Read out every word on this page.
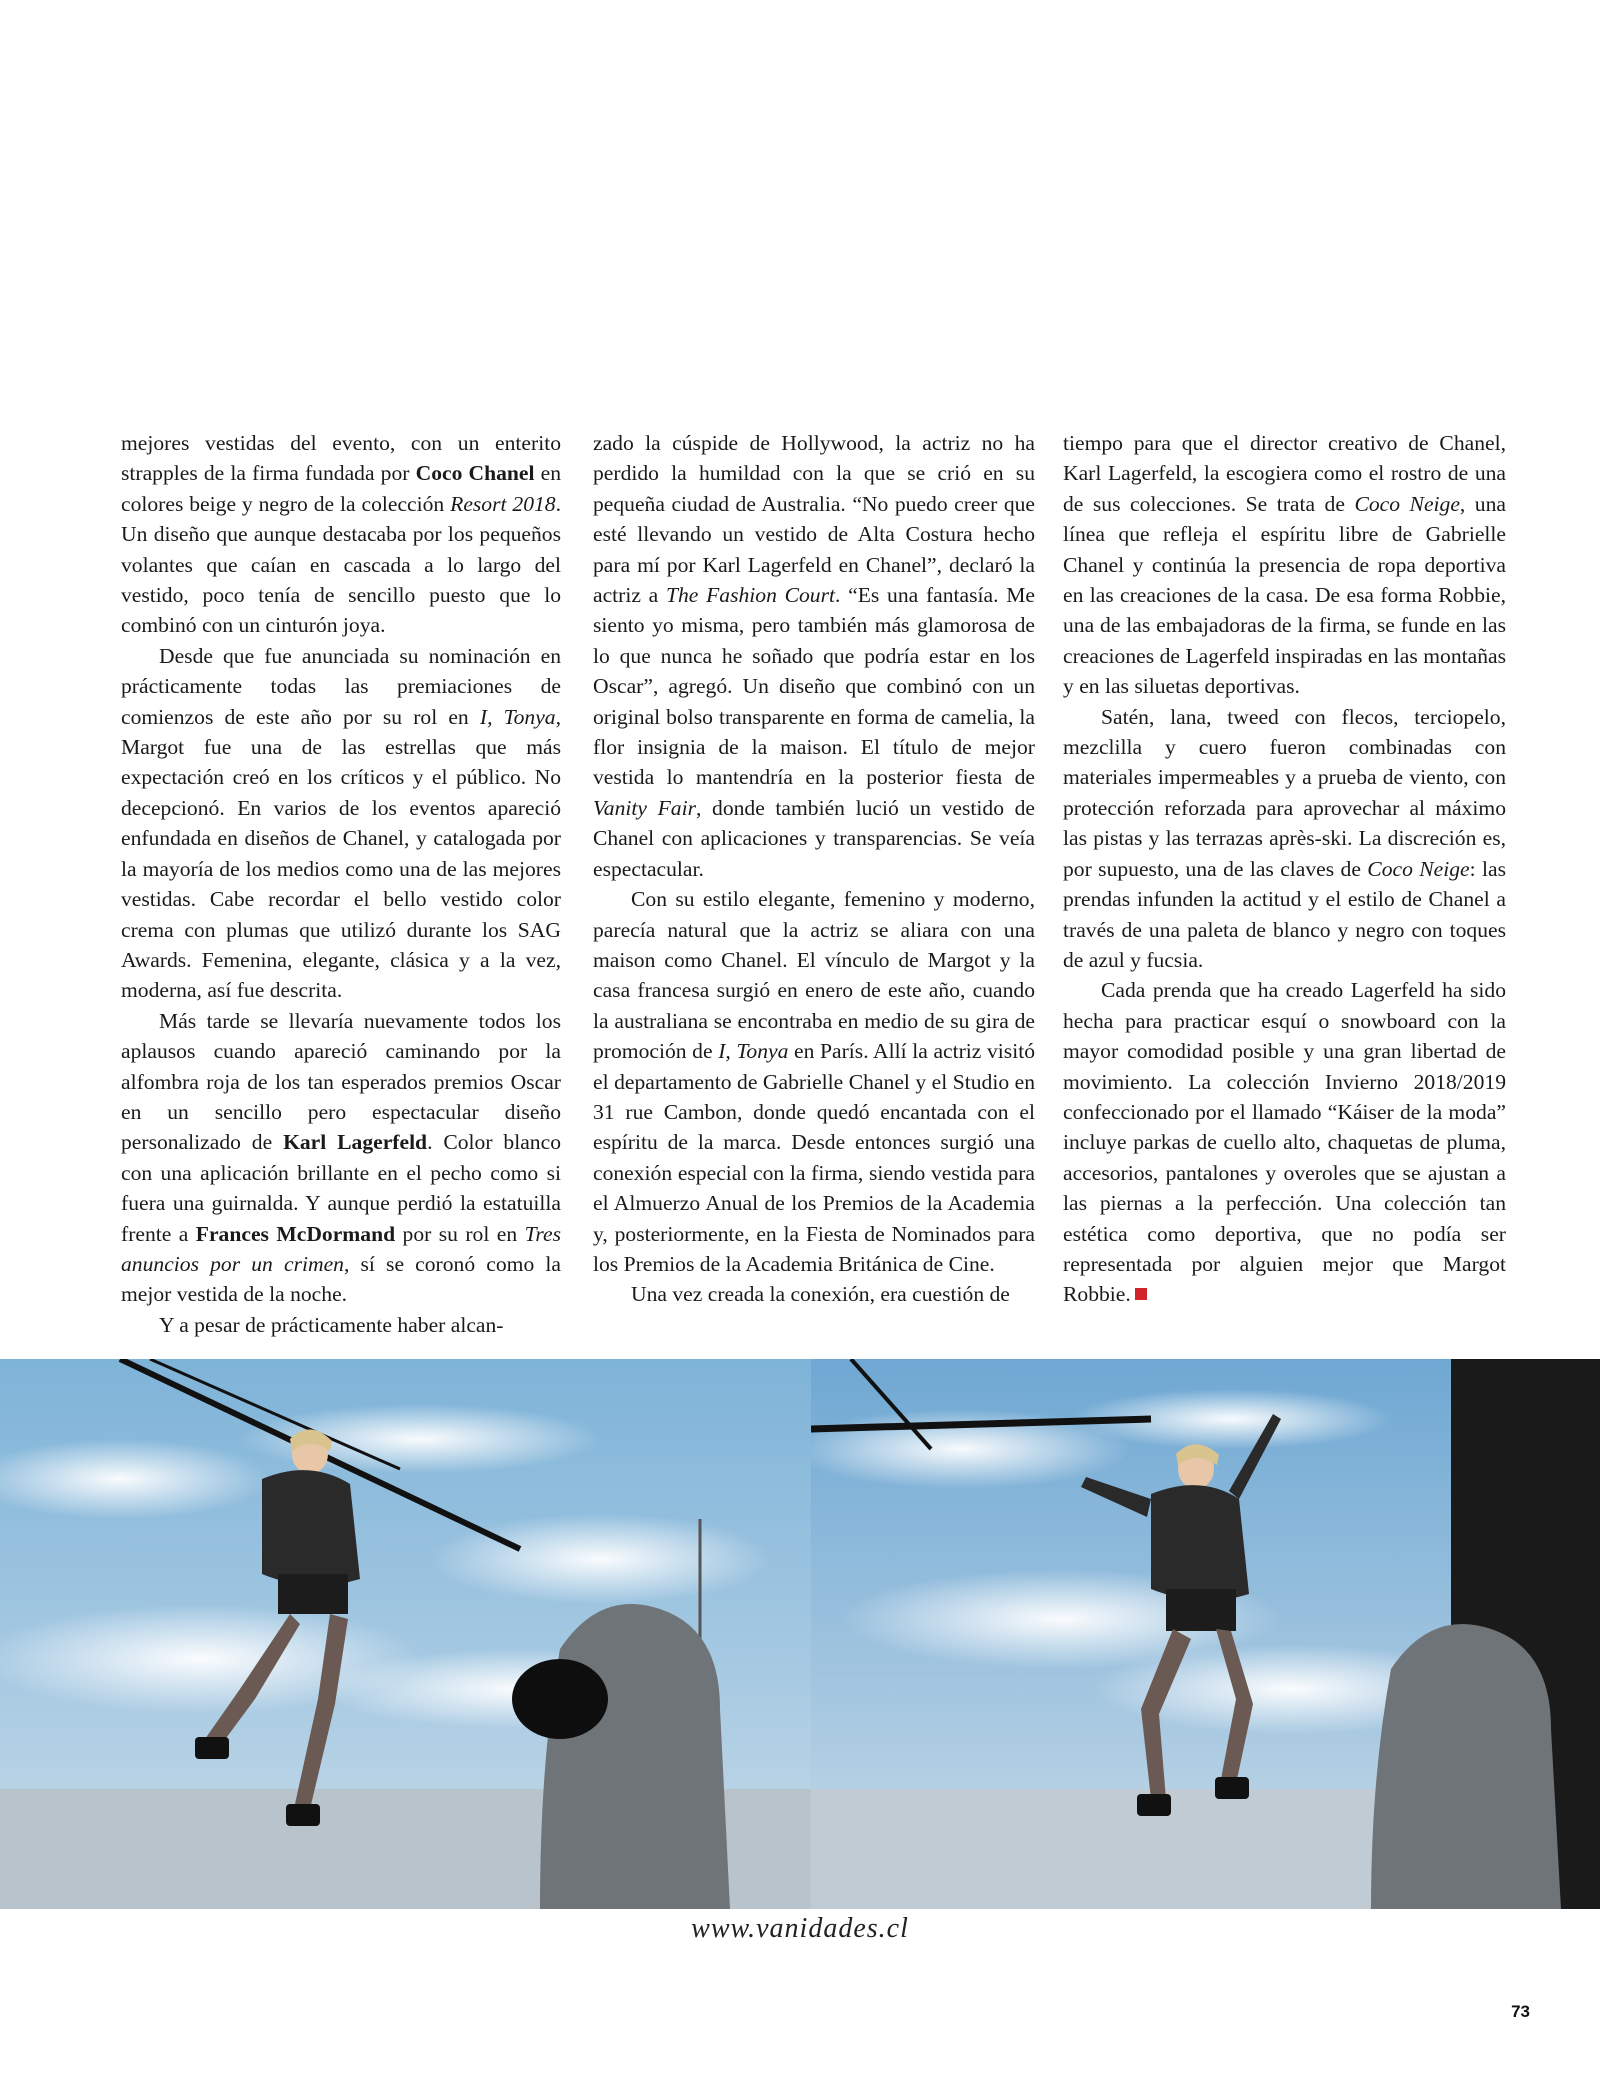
mejores vestidas del evento, con un enterito strapples de la firma fundada por Coco Chanel en colores beige y negro de la colección Resort 2018. Un diseño que aunque destacaba por los pequeños volantes que caían en cascada a lo largo del vestido, poco tenía de sencillo puesto que lo combinó con un cinturón joya.

Desde que fue anunciada su nominación en prácticamente todas las premiaciones de comienzos de este año por su rol en I, Tonya, Margot fue una de las estrellas que más expectación creó en los críticos y el público. No decepcionó. En varios de los eventos apareció enfundada en diseños de Chanel, y catalogada por la mayoría de los medios como una de las mejores vestidas. Cabe recordar el bello vestido color crema con plumas que utilizó durante los SAG Awards. Femenina, elegante, clásica y a la vez, moderna, así fue descrita.

Más tarde se llevaría nuevamente todos los aplausos cuando apareció caminando por la alfombra roja de los tan esperados premios Oscar en un sencillo pero espectacular diseño personalizado de Karl Lagerfeld. Color blanco con una aplicación brillante en el pecho como si fuera una guirnalda. Y aunque perdió la estatuilla frente a Frances McDormand por su rol en Tres anuncios por un crimen, sí se coronó como la mejor vestida de la noche.

Y a pesar de prácticamente haber alcan-

zado la cúspide de Hollywood, la actriz no ha perdido la humildad con la que se crió en su pequeña ciudad de Australia. “No puedo creer que esté llevando un vestido de Alta Costura hecho para mí por Karl Lagerfeld en Chanel”, declaró la actriz a The Fashion Court. “Es una fantasía. Me siento yo misma, pero también más glamorosa de lo que nunca he soñado que podría estar en los Oscar”, agregó. Un diseño que combinó con un original bolso transparente en forma de camelia, la flor insignia de la maison. El título de mejor vestida lo mantendría en la posterior fiesta de Vanity Fair, donde también lució un vestido de Chanel con aplicaciones y transparencias. Se veía espectacular.

Con su estilo elegante, femenino y moderno, parecía natural que la actriz se aliara con una maison como Chanel. El vínculo de Margot y la casa francesa surgió en enero de este año, cuando la australiana se encontraba en medio de su gira de promoción de I, Tonya en París. Allí la actriz visitó el departamento de Gabrielle Chanel y el Studio en 31 rue Cambon, donde quedó encantada con el espíritu de la marca. Desde entonces surgió una conexión especial con la firma, siendo vestida para el Almuerzo Anual de los Premios de la Academia y, posteriormente, en la Fiesta de Nominados para los Premios de la Academia Británica de Cine.

Una vez creada la conexión, era cuestión de

tiempo para que el director creativo de Chanel, Karl Lagerfeld, la escogiera como el rostro de una de sus colecciones. Se trata de Coco Neige, una línea que refleja el espíritu libre de Gabrielle Chanel y continúa la presencia de ropa deportiva en las creaciones de la casa. De esa forma Robbie, una de las embajadoras de la firma, se funde en las creaciones de Lagerfeld inspiradas en las montañas y en las siluetas deportivas.

Satén, lana, tweed con flecos, terciopelo, mezclilla y cuero fueron combinadas con materiales impermeables y a prueba de viento, con protección reforzada para aprovechar al máximo las pistas y las terrazas après-ski. La discreción es, por supuesto, una de las claves de Coco Neige: las prendas infunden la actitud y el estilo de Chanel a través de una paleta de blanco y negro con toques de azul y fucsia.

Cada prenda que ha creado Lagerfeld ha sido hecha para practicar esquí o snowboard con la mayor comodidad posible y una gran libertad de movimiento. La colección Invierno 2018/2019 confeccionado por el llamado “Káiser de la moda” incluye parkas de cuello alto, chaquetas de pluma, accesorios, pantalones y overoles que se ajustan a las piernas a la perfección. Una colección tan estética como deportiva, que no podía ser representada por alguien mejor que Margot Robbie.

www.vanidades.cl
73
